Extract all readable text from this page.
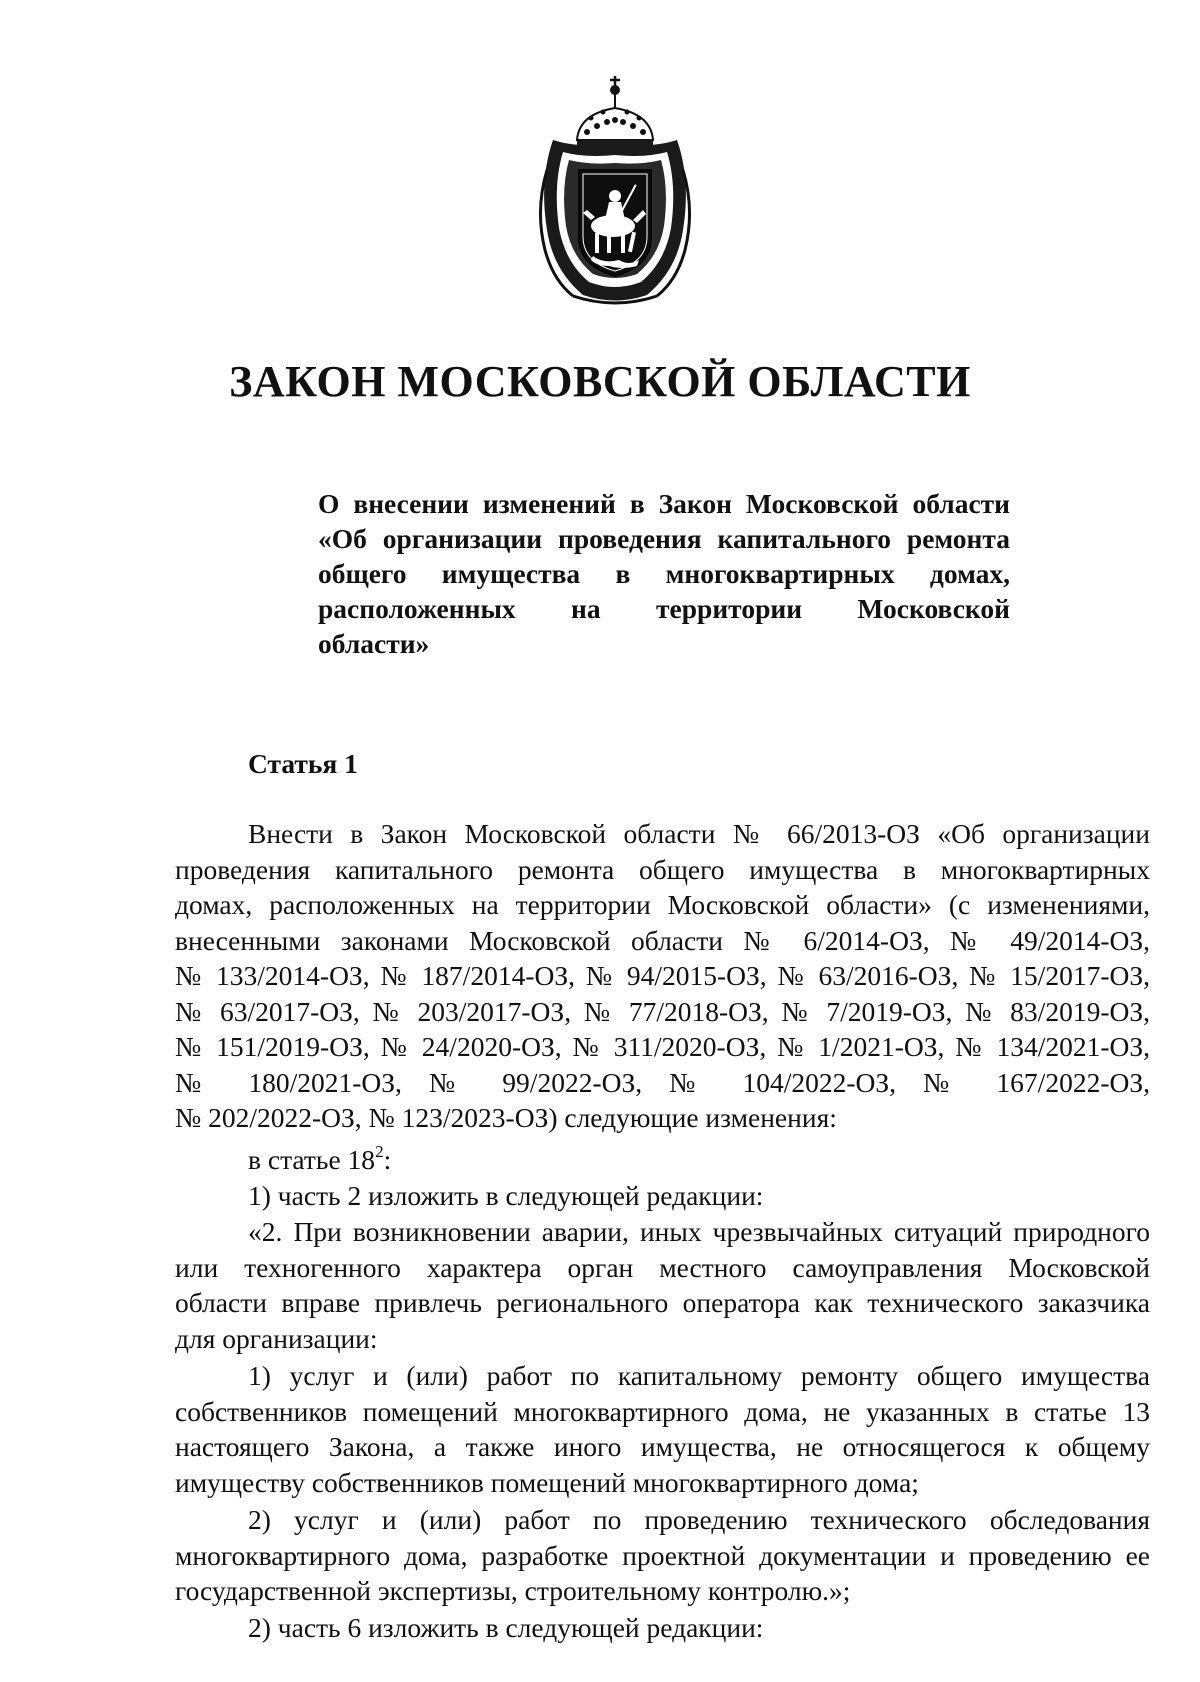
ЗАКОН МОСКОВСКОЙ ОБЛАСТИ
О внесении изменений в Закон Московской области
«Об организации проведения капитального ремонта
общего имущества в многоквартирных домах,
расположенных на территории Московской
области»
Статья 1
Внести в Закон Московской области № 66/2013-ОЗ «Об организации
проведения капитального ремонта общего имущества в многоквартирных
домах, расположенных на территории Московской области» (с изменениями,
внесенными законами Московской области № 6/2014-ОЗ, № 49/2014-ОЗ,
№ 133/2014-ОЗ, № 187/2014-ОЗ, № 94/2015-ОЗ, № 63/2016-ОЗ, № 15/2017-ОЗ,
№ 63/2017-ОЗ, № 203/2017-ОЗ, № 77/2018-ОЗ, № 7/2019-ОЗ, № 83/2019-ОЗ,
№ 151/2019-ОЗ, № 24/2020-ОЗ, № 311/2020-ОЗ, № 1/2021-ОЗ, № 134/2021-ОЗ,
№ 180/2021-ОЗ, № 99/2022-ОЗ, № 104/2022-ОЗ, № 167/2022-ОЗ,
№ 202/2022-ОЗ, № 123/2023-ОЗ) следующие изменения:
в статье $18^2$:
1) часть 2 изложить в следующей редакции:
«2. При возникновении аварии, иных чрезвычайных ситуаций природного
или техногенного характера орган местного самоуправления Московской
области вправе привлечь регионального оператора как технического заказчика
для организации:
1) услуг и (или) работ по капитальному ремонту общего имущества
собственников помещений многоквартирного дома, не указанных в статье 13
настоящего Закона, а также иного имущества, не относящегося к общему
имуществу собственников помещений многоквартирного дома;
2) услуг и (или) работ по проведению технического обследования
многоквартирного дома, разработке проектной документации и проведению ее
государственной экспертизы, строительному контролю.»;
2) часть 6 изложить в следующей редакции:
